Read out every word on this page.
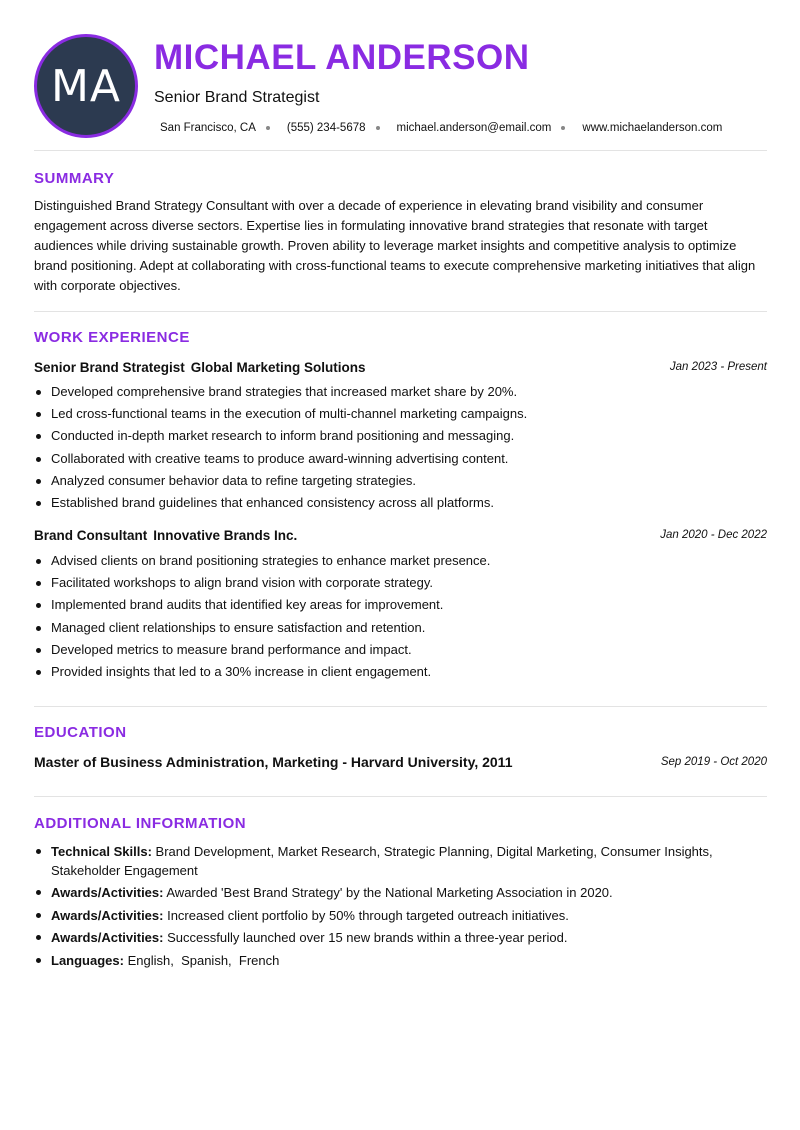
MA
MICHAEL ANDERSON
Senior Brand Strategist
San Francisco, CA	(555) 234-5678	michael.anderson@email.com	www.michaelanderson.com
SUMMARY

Distinguished Brand Strategy Consultant with over a decade of experience in elevating brand visibility and consumer engagement across diverse sectors. Expertise lies in formulating innovative brand strategies that resonate with target audiences while driving sustainable growth. Proven ability to leverage market insights and competitive analysis to optimize brand positioning. Adept at collaborating with cross-functional teams to execute comprehensive marketing initiatives that align with corporate objectives.

WORK EXPERIENCE
Senior Brand Strategist Global Marketing Solutions	Jan 2023 - Present
Developed comprehensive brand strategies that increased market share by 20%.
Led cross-functional teams in the execution of multi-channel marketing campaigns.
Conducted in-depth market research to inform brand positioning and messaging.
Collaborated with creative teams to produce award-winning advertising content.
Analyzed consumer behavior data to refine targeting strategies.
Established brand guidelines that enhanced consistency across all platforms.
Brand Consultant Innovative Brands Inc.	Jan 2020 - Dec 2022
Advised clients on brand positioning strategies to enhance market presence.
Facilitated workshops to align brand vision with corporate strategy.
Implemented brand audits that identified key areas for improvement.
Managed client relationships to ensure satisfaction and retention.
Developed metrics to measure brand performance and impact.
Provided insights that led to a 30% increase in client engagement.
EDUCATION
Master of Business Administration, Marketing - Harvard University, 2011	Sep 2019 - Oct 2020
ADDITIONAL INFORMATION
Technical Skills: Brand Development, Market Research, Strategic Planning, Digital Marketing, Consumer Insights, Stakeholder Engagement
Awards/Activities: Awarded 'Best Brand Strategy' by the National Marketing Association in 2020.
Awards/Activities: Increased client portfolio by 50% through targeted outreach initiatives.
Awards/Activities: Successfully launched over 15 new brands within a three-year period.
Languages: English,  Spanish,  French
